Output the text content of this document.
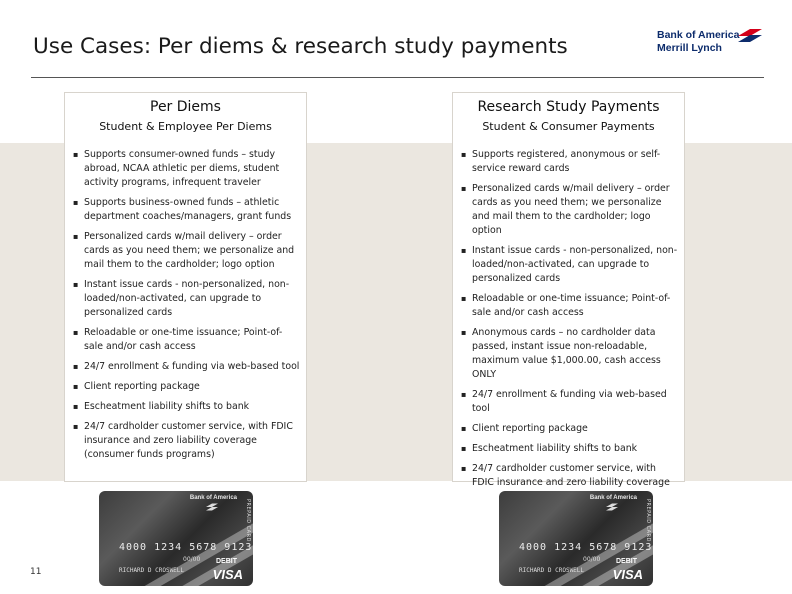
Use Cases: Per diems & research study payments	Bank of America
Merrill Lynch
Per Diems
Student & Employee Per Diems
▪ Supports consumer-owned funds – study abroad, NCAA athletic per diems, student activity programs, infrequent traveler
▪ Supports business-owned funds – athletic department coaches/managers, grant funds
▪ Personalized cards w/mail delivery – order cards as you need them; we personalize and mail them to the cardholder; logo option
▪ Instant issue cards - non-personalized, non-loaded/non-activated, can upgrade to personalized cards
▪ Reloadable or one-time issuance; Point-of-sale and/or cash access
▪ 24/7 enrollment & funding via web-based tool
▪ Client reporting package
▪ Escheatment liability shifts to bank
▪ 24/7 cardholder customer service, with FDIC insurance and zero liability coverage (consumer funds programs)
Research Study Payments
Student & Consumer Payments
▪ Supports registered, anonymous or self-service reward cards
▪ Personalized cards w/mail delivery – order cards as you need them; we personalize and mail them to the cardholder; logo option
▪ Instant issue cards - non-personalized, non-loaded/non-activated, can upgrade to personalized cards
▪ Reloadable or one-time issuance; Point-of-sale and/or cash access
▪ Anonymous cards – no cardholder data passed, instant issue non-reloadable, maximum value $1,000.00, cash access ONLY
▪ 24/7 enrollment & funding via web-based tool
▪ Client reporting package
▪ Escheatment liability shifts to bank
▪ 24/7 cardholder customer service, with FDIC insurance and zero liability coverage
Bank of America
PREPAID CARD
4000 1234 5678 9123
00/00
RICHARD D CROSWELL
DEBIT
VISA
Bank of America
PREPAID CARD
4000 1234 5678 9123
00/00
RICHARD D CROSWELL
DEBIT
VISA
11
